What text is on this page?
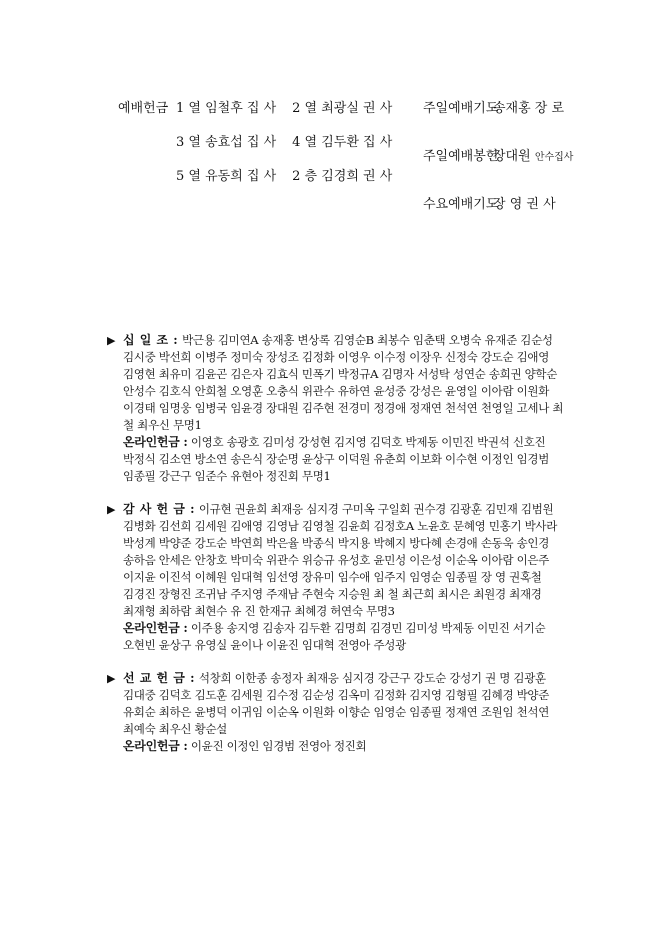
예배헌금 1 열 임철후 집 사 2 열 최광실 권 사
3 열 송효섭 집 사 4 열 김두환 집 사
5 열 유동희 집 사 2 층 김경희 권 사
주일예배기도송재홍 장 로
주일예배봉헌장대원 안수집사
수요예배기도장 영 권 사
▶ 십 일 조 : 박근용 김미연A 송재홍 변상록 김영순B 최봉수 임춘택 오병숙 유재준 김순성 김시중 박선희 이병주 정미숙 장성조 김정화 이영우 이수정 이장우 신정숙 강도순 김애영 김영현 최유미 김윤곤 김은자 김효식 민폭기 박정규A 김명자 서성탁 성연순 송희권 양학순 안성수 김호식 안희철 오영훈 오충식 위관수 유하연 윤성중 강성은 윤영일 이아람 이원화 이경태 임명웅 임병국 임윤경 장대원 김주현 전경미 정경애 정재연 천석연 천영일 고세나 최 철 최우신 무명1
온라인헌금 : 이영호 송광호 김미성 강성현 김지영 김덕호 박제동 이민진 박권석 신호진 박정식 김소연 방소연 송은식 장순명 윤상구 이덕원 유춘희 이보화 이수현 이정인 임경범 임종필 강근구 임준수 유현아 정진회 무명1
▶ 감 사 헌 금 : 이규현 권윤희 최재응 심지경 구미옥 구일회 권수경 김광훈 김민재 김범원 김병화 김선희 김세원 김애영 김영남 김영철 김윤희 김정호A 노윤호 문혜영 민홍기 박사라 박성계 박양준 강도순 박연희 박은율 박종식 박지용 박혜지 방다혜 손경애 손동욱 송인경 송하음 안세은 안창호 박미숙 위관수 위승규 유성호 윤민성 이은성 이순옥 이아람 이은주 이지윤 이진석 이혜원 임대혁 임선영 장유미 임수애 임주지 임영순 임종필 장 영 권혹철 김경진 장형진 조귀남 주지영 주재남 주현숙 지승원 최 철 최근희 최시은 최원경 최재경 최재형 최하람 최현수 유 진 한재규 최혜경 허연숙 무명3
온라인헌금 : 이주용 송지영 김송자 김두환 김명희 김경민 김미성 박제동 이민진 서기순 오현빈 윤상구 유영실 윤이나 이윤진 임대혁 전영아 주성광
▶ 선 교 헌 금 : 석창희 이한종 송정자 최재응 심지경 강근구 강도순 강성기 권 명 김광훈 김대중 김덕호 김도훈 김세원 김수정 김순성 김옥미 김정화 김지영 김형필 김혜경 박양준 유회순 최하은 윤병덕 이귀임 이순옥 이원화 이향순 임영순 임종필 정재연 조원임 천석연 최예숙 최우신 황순설
온라인헌금 : 이윤진 이정인 임경범 전영아 정진회
